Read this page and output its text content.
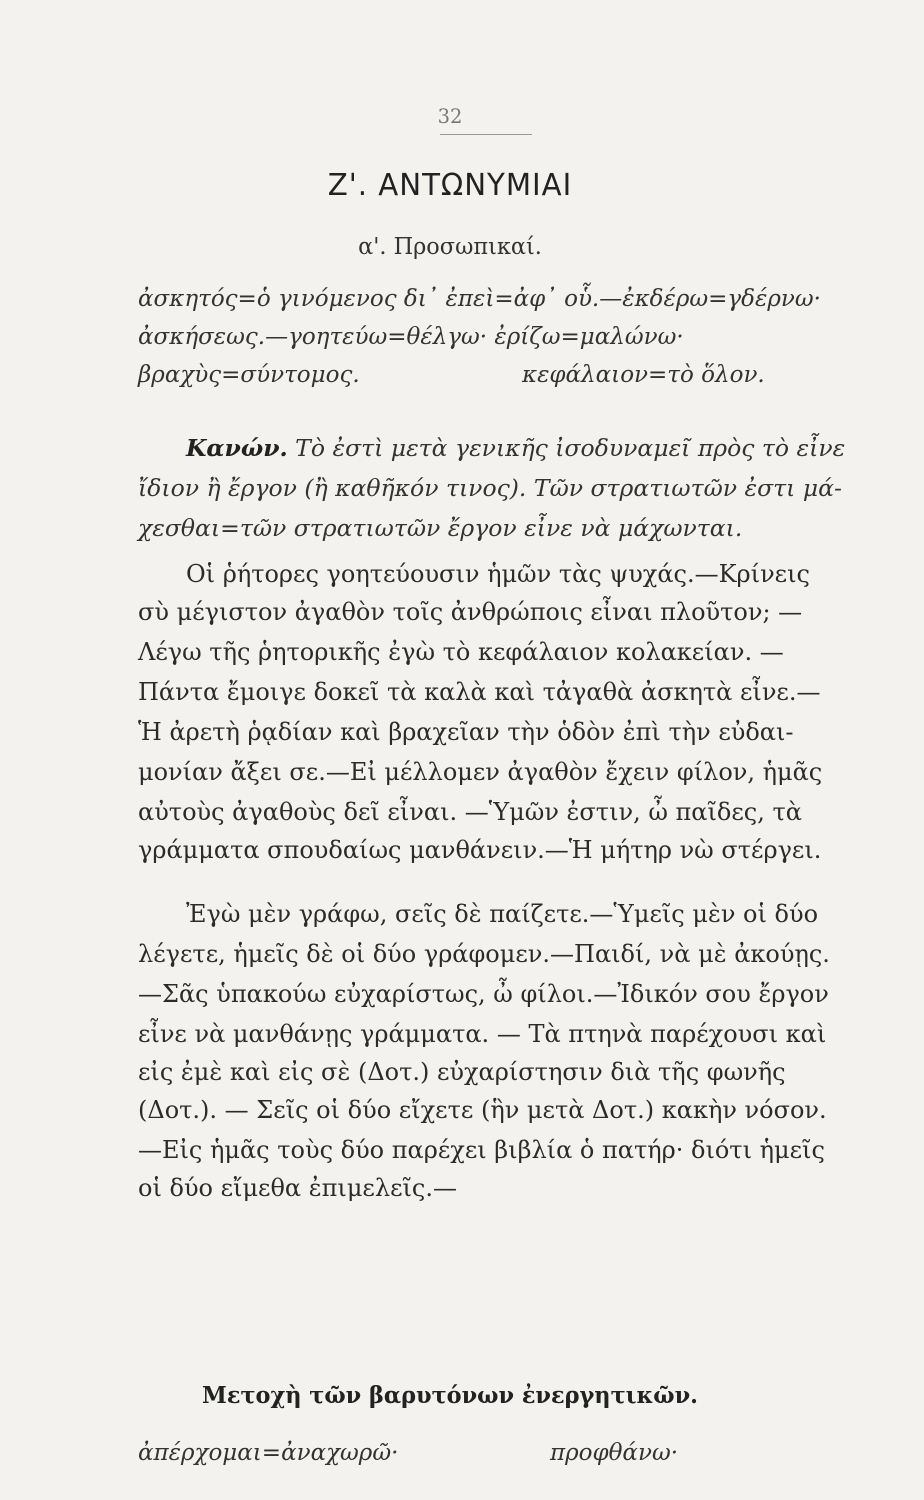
32
Ζ'. ΑΝΤΩΝΥΜΙΑΙ
α'. Προσωπικαί.
ἀσκητός=ὁ γινόμενος δι᾽ ἐπεὶ=ἀφ᾽ οὗ.—ἐκδέρω=γδέρνω·
ἀσκήσεως.—γοητεύω=θέλγω· ἐρίζω=μαλώνω·
βραχὺς=σύντομος.	κεφάλαιον=τὸ ὅλον.
Κανών. Τὸ ἐστὶ μετὰ γενικῆς ἰσοδυναμεῖ πρὸς τὸ εἶνε
ἴδιον ἢ ἔργον (ἢ καθῆκόν τινος). Τῶν στρατιωτῶν ἐστι μά-
χεσθαι=τῶν στρατιωτῶν ἔργον εἶνε νὰ μάχωνται.
Οἱ ῥήτορες γοητεύουσιν ἡμῶν τὰς ψυχάς.—Κρίνεις
σὺ μέγιστον ἀγαθὸν τοῖς ἀνθρώποις εἶναι πλοῦτον; —
Λέγω τῆς ῥητορικῆς ἐγὼ τὸ κεφάλαιον κολακείαν. —
Πάντα ἔμοιγε δοκεῖ τὰ καλὰ καὶ τἀγαθὰ ἀσκητὰ εἶνε.—
Ἡ ἀρετὴ ῥᾳδίαν καὶ βραχεῖαν τὴν ὁδὸν ἐπὶ τὴν εὐδαι-
μονίαν ἄξει σε.—Εἰ μέλλομεν ἀγαθὸν ἔχειν φίλον, ἡμᾶς
αὐτοὺς ἀγαθοὺς δεῖ εἶναι. —Ὑμῶν ἐστιν, ὦ παῖδες, τὰ
γράμματα σπουδαίως μανθάνειν.—Ἡ μήτηρ νὼ στέργει.
Ἐγὼ μὲν γράφω, σεῖς δὲ παίζετε.—Ὑμεῖς μὲν οἱ δύο
λέγετε, ἡμεῖς δὲ οἱ δύο γράφομεν.—Παιδί, νὰ μὲ ἀκούῃς.
—Σᾶς ὑπακούω εὐχαρίστως, ὦ φίλοι.—Ἰδικόν σου ἔργον
εἶνε νὰ μανθάνῃς γράμματα. — Τὰ πτηνὰ παρέχουσι καὶ
εἰς ἐμὲ καὶ εἰς σὲ (Δοτ.) εὐχαρίστησιν διὰ τῆς φωνῆς
(Δοτ.). — Σεῖς οἱ δύο εἴχετε (ἣν μετὰ Δοτ.) κακὴν νόσον.
—Εἰς ἡμᾶς τοὺς δύο παρέχει βιβλία ὁ πατήρ· διότι ἡμεῖς
οἱ δύο εἴμεθα ἐπιμελεῖς.—
Μετοχὴ τῶν βαρυτόνων ἐνεργητικῶν.
ἀπέρχομαι=ἀναχωρῶ·	προφθάνω·
